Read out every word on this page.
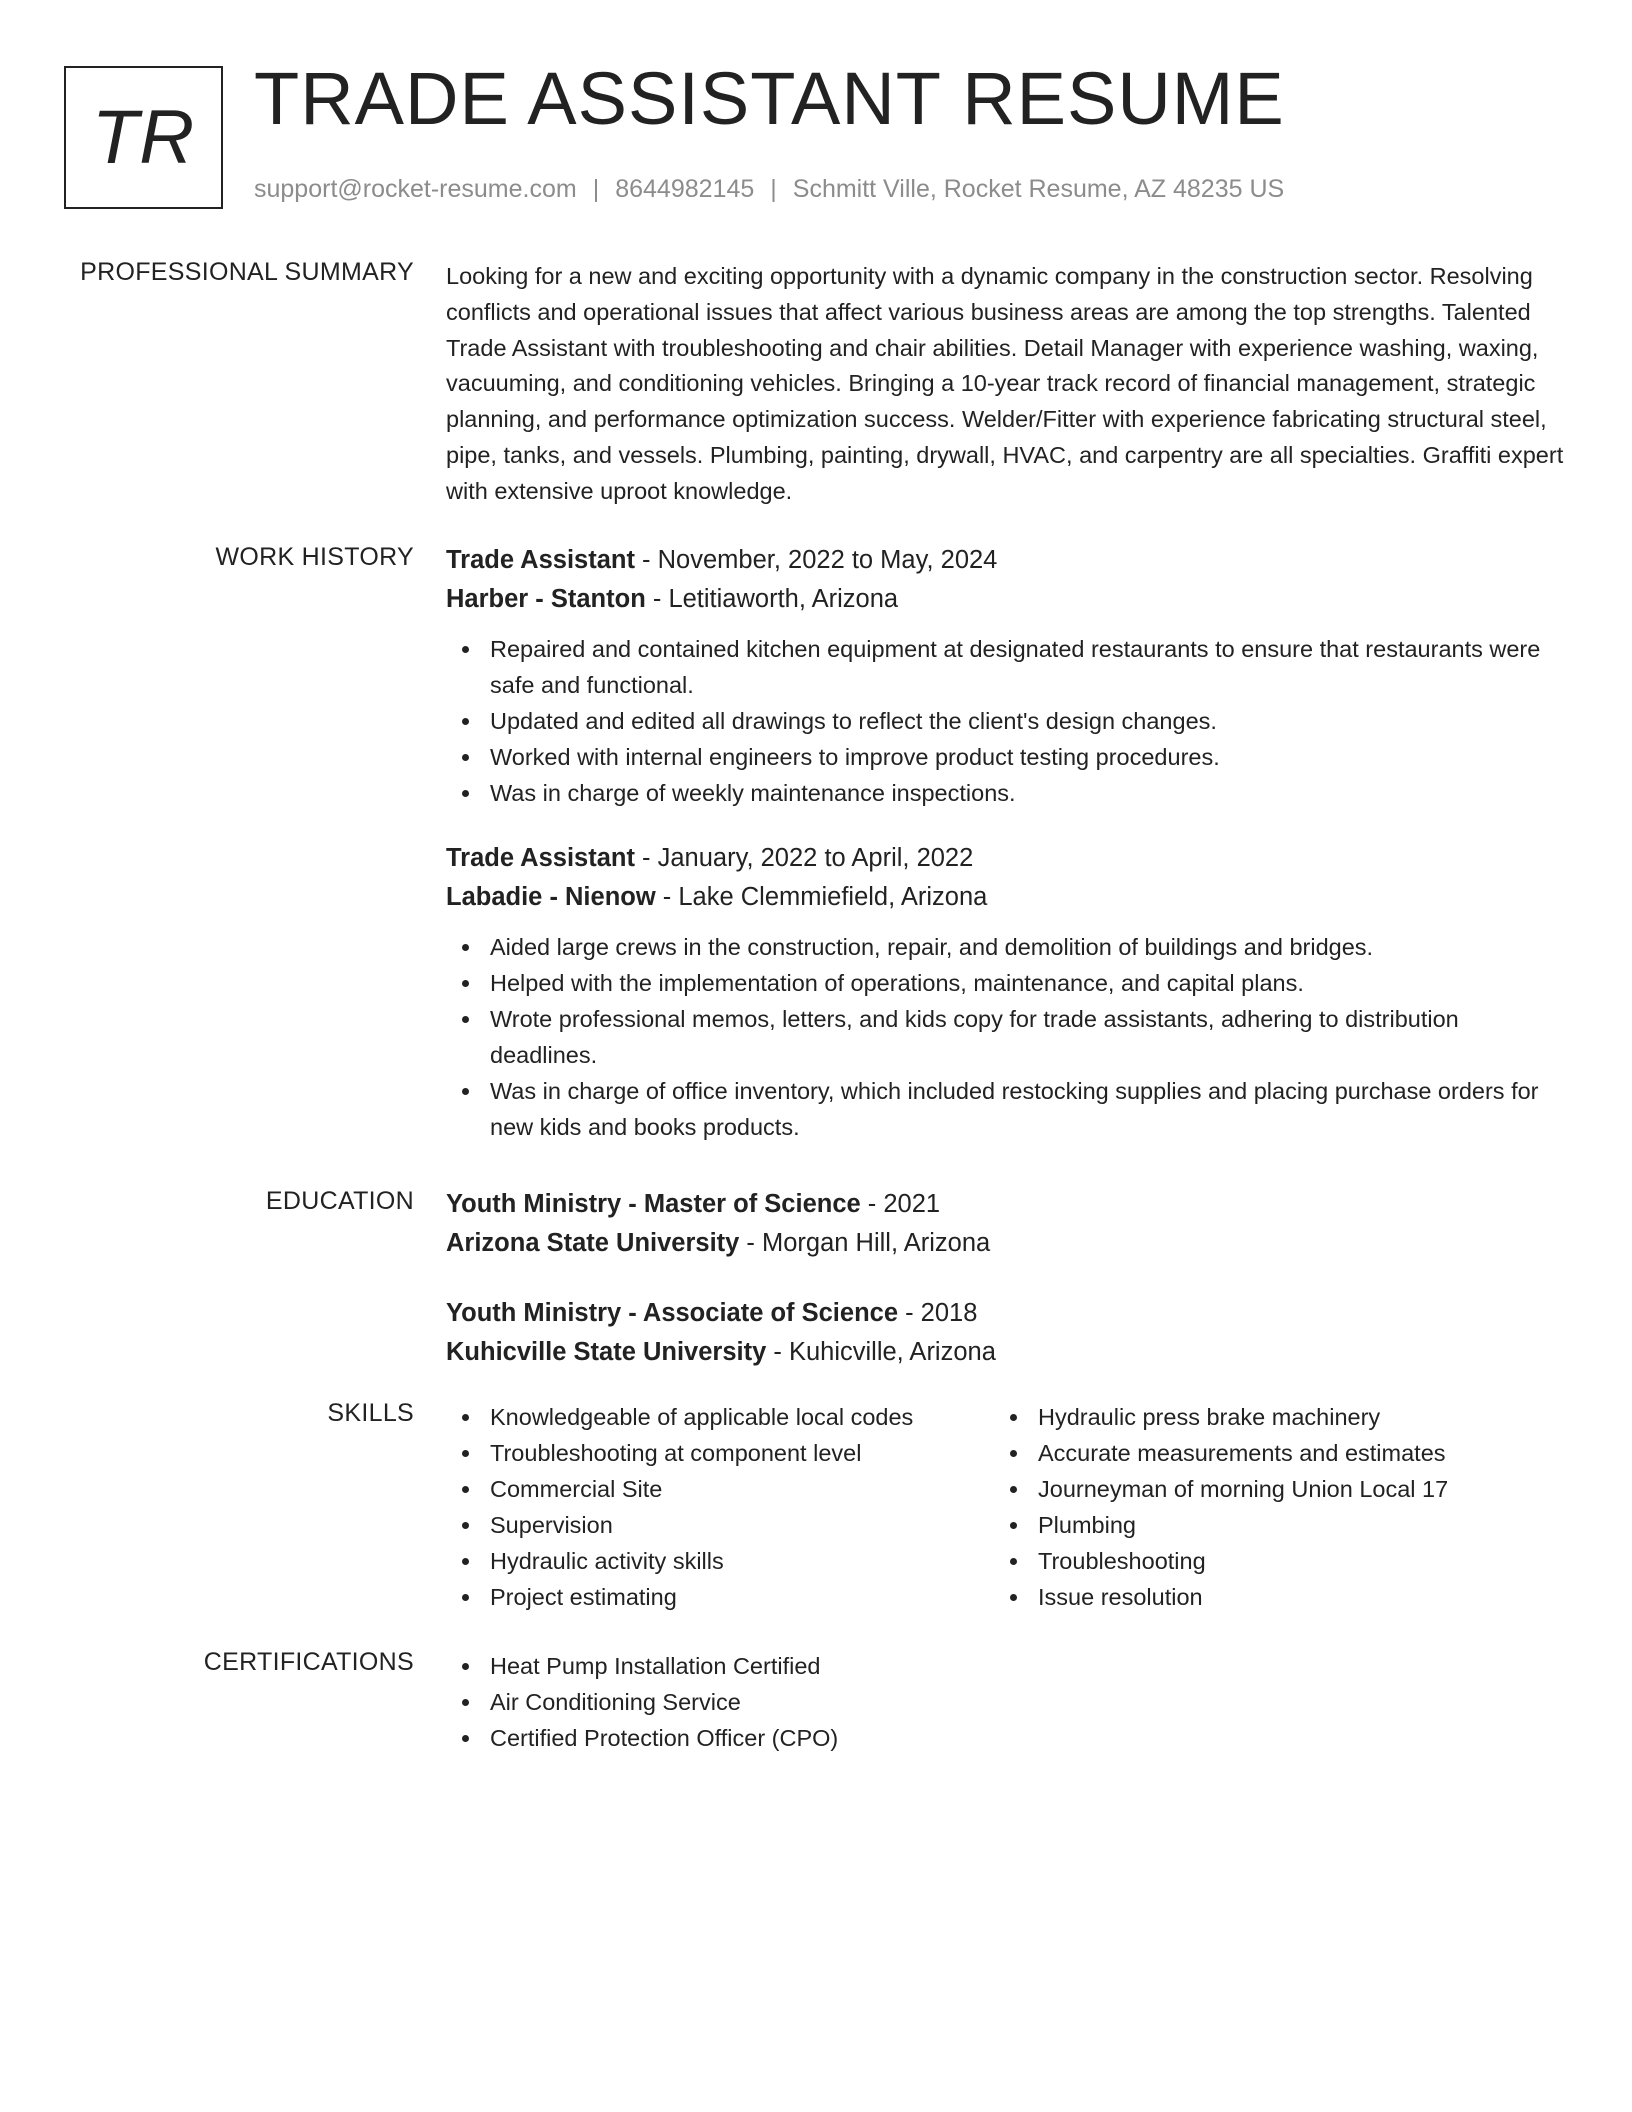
TR TRADE ASSISTANT RESUME
support@rocket-resume.com | 8644982145 | Schmitt Ville, Rocket Resume, AZ 48235 US
PROFESSIONAL SUMMARY Looking for a new and exciting opportunity with a dynamic company in the construction sector. Resolving conflicts and operational issues that affect various business areas are among the top strengths. Talented Trade Assistant with troubleshooting and chair abilities. Detail Manager with experience washing, waxing, vacuuming, and conditioning vehicles. Bringing a 10-year track record of financial management, strategic planning, and performance optimization success. Welder/Fitter with experience fabricating structural steel, pipe, tanks, and vessels. Plumbing, painting, drywall, HVAC, and carpentry are all specialties. Graffiti expert with extensive uproot knowledge.
WORK HISTORY Trade Assistant - November, 2022 to May, 2024
Harber - Stanton - Letitiaworth, Arizona
Repaired and contained kitchen equipment at designated restaurants to ensure that restaurants were safe and functional.
Updated and edited all drawings to reflect the client's design changes.
Worked with internal engineers to improve product testing procedures.
Was in charge of weekly maintenance inspections.
Trade Assistant - January, 2022 to April, 2022
Labadie - Nienow - Lake Clemmiefield, Arizona
Aided large crews in the construction, repair, and demolition of buildings and bridges.
Helped with the implementation of operations, maintenance, and capital plans.
Wrote professional memos, letters, and kids copy for trade assistants, adhering to distribution deadlines.
Was in charge of office inventory, which included restocking supplies and placing purchase orders for new kids and books products.
EDUCATION Youth Ministry - Master of Science - 2021
Arizona State University - Morgan Hill, Arizona
Youth Ministry - Associate of Science - 2018
Kuhicville State University - Kuhicville, Arizona
SKILLS	Knowledgeable of applicable local codes
Troubleshooting at component level
Commercial Site
Supervision
Hydraulic activity skills
Project estimating
Hydraulic press brake machinery
Accurate measurements and estimates
Journeyman of morning Union Local 17
Plumbing
Troubleshooting
Issue resolution
CERTIFICATIONS	Heat Pump Installation Certified
Air Conditioning Service
Certified Protection Officer (CPO)
